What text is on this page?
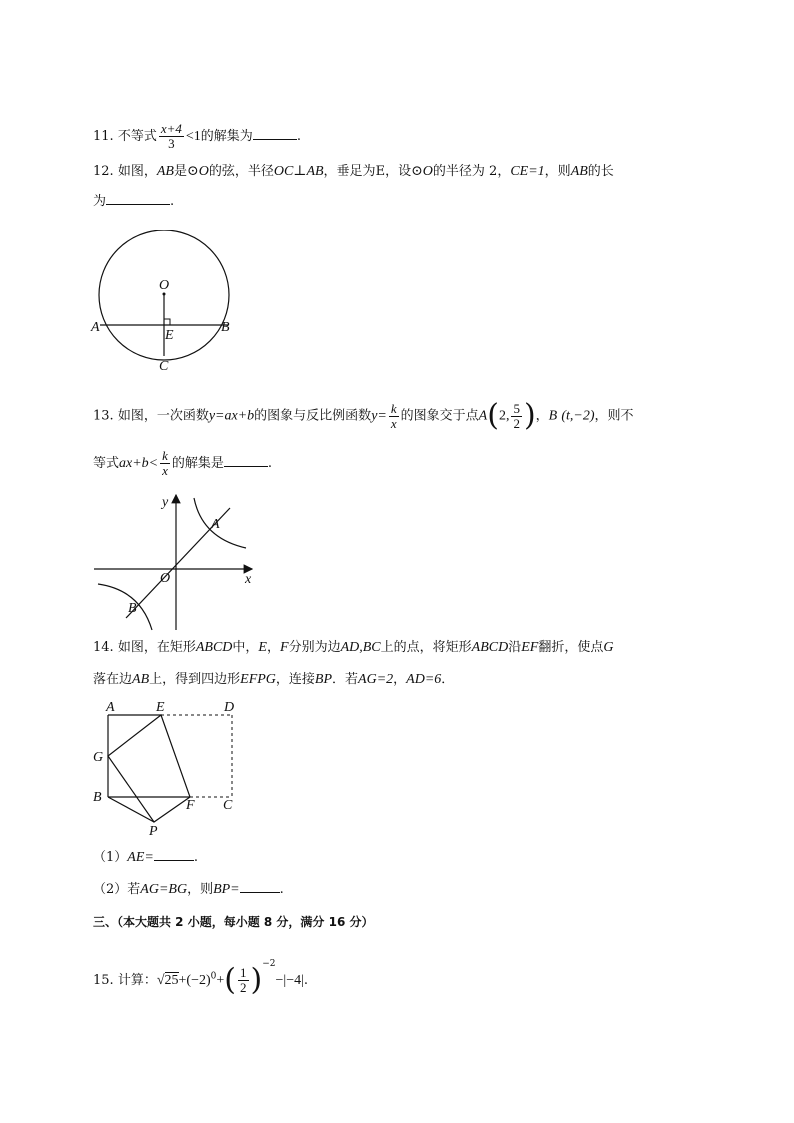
11. 不等式 $\frac{x+4}{3} <1$的解集为	.
12. 如图，AB是⊙O的弦，半径OC⊥AB，垂足为E，设⊙O的半径为 2，CE=1，则AB的长
为	.
O
A	B
E
C
13. 如图，一次函数y=ax+b的图象与反比例函数$y= \frac{k}{x}$ 的图象交于点A(2, $\frac{5}{2}$ )，B (t,−2)，则不
等式$ax+b< \frac{k}{x}$ 的解集是	.
y
x
O
A
B
14. 如图，在矩形ABCD中，E，F分别为边AD,BC上的点，将矩形ABCD沿EF翻折，使点G
落在边AB上，得到四边形EFPG，连接BP．若AG=2，AD=6．
A	E	D
G
B
F C
P
（1）AE=	.
（2）若AG=BG，则BP=	.
三、（本大题共 2 小题，每小题 8 分，满分 16 分）
15. 计算：$√25+(-2)^0+( \frac{1}{2} )^{-2}-|-4|$.
